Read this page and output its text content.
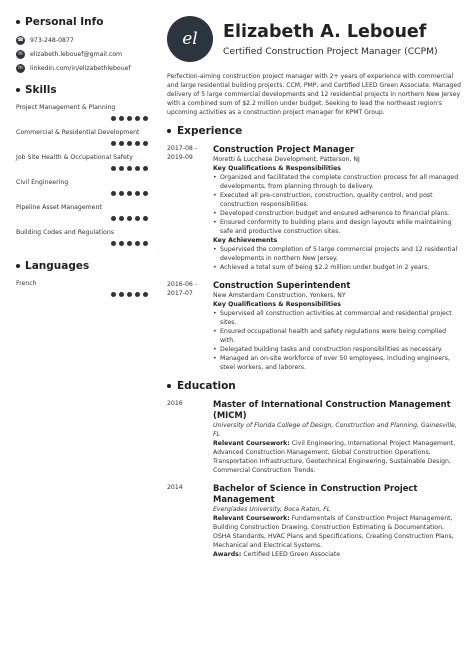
Personal Info
☎ 973-248-0877
✉	elizabeth.lebouef@gmail.com
in	linkedin.com/in/elizabethlebouef
Skills
Project Management & Planning
Commercial & Residential Development
Job Site Health & Occupational Safety
Civil Engineering
Pipeline Asset Management
Building Codes and Regulations
Languages
French
el	Elizabeth A. Lebouef
Certified Construction Project Manager (CCPM)

Perfection-aiming construction project manager with 2+ years of experience with commercial and large residential building projects. CCM, PMP, and Certified LEED Green Associate. Managed delivery of 5 large commercial developments and 12 residential projects in northern New Jersey with a combined sum of $2.2 million under budget. Seeking to lead the northeast region's upcoming activities as a construction project manager for KPMT Group.

Experience
2017-08 -
2019-09
Construction Project Manager
Moretti & Lucchese Development, Patterson, NJ
Key Qualifications & Responsibilities
• Organized and facilitated the complete construction process for all managed developments, from planning through to delivery.
• Executed all pre-construction, construction, quality control, and post construction responsibilities.
• Developed construction budget and ensured adherence to financial plans.
• Ensured conformity to building plans and design layouts while maintaining safe and productive construction sites.
Key Achievements
• Supervised the completion of 5 large commercial projects and 12 residential developments in northern New Jersey.
• Achieved a total sum of being $2.2 million under budget in 2 years.
2016-06 -
2017-07
Construction Superintendent
New Amsterdam Construction, Yonkers, NY
Key Qualifications & Responsibilities
• Supervised all construction activities at commercial and residential project sites.
• Ensured occupational health and safety regulations were being complied with.
• Delegated building tasks and construction responsibilities as necessary.
• Managed an on-site workforce of over 50 employees, including engineers, steel workers, and laborers.
Education
2016	Master of International Construction Management (MICM)
University of Florida College of Design, Construction and Planning, Gainesville, FL
Relevant Coursework: Civil Engineering, International Project Management, Advanced Construction Management, Global Construction Operations, Transportation Infrastructure, Geotechnical Engineering, Sustainable Design, Commercial Construction Trends.
2014	Bachelor of Science in Construction Project Management
Everglades University, Boca Raton, FL
Relevant Coursework: Fundamentals of Construction Project Management, Building Construction Drawing, Construction Estimating & Documentation, OSHA Standards, HVAC Plans and Specifications, Creating Construction Plans, Mechanical and Electrical Systems.
Awards: Certified LEED Green Associate
